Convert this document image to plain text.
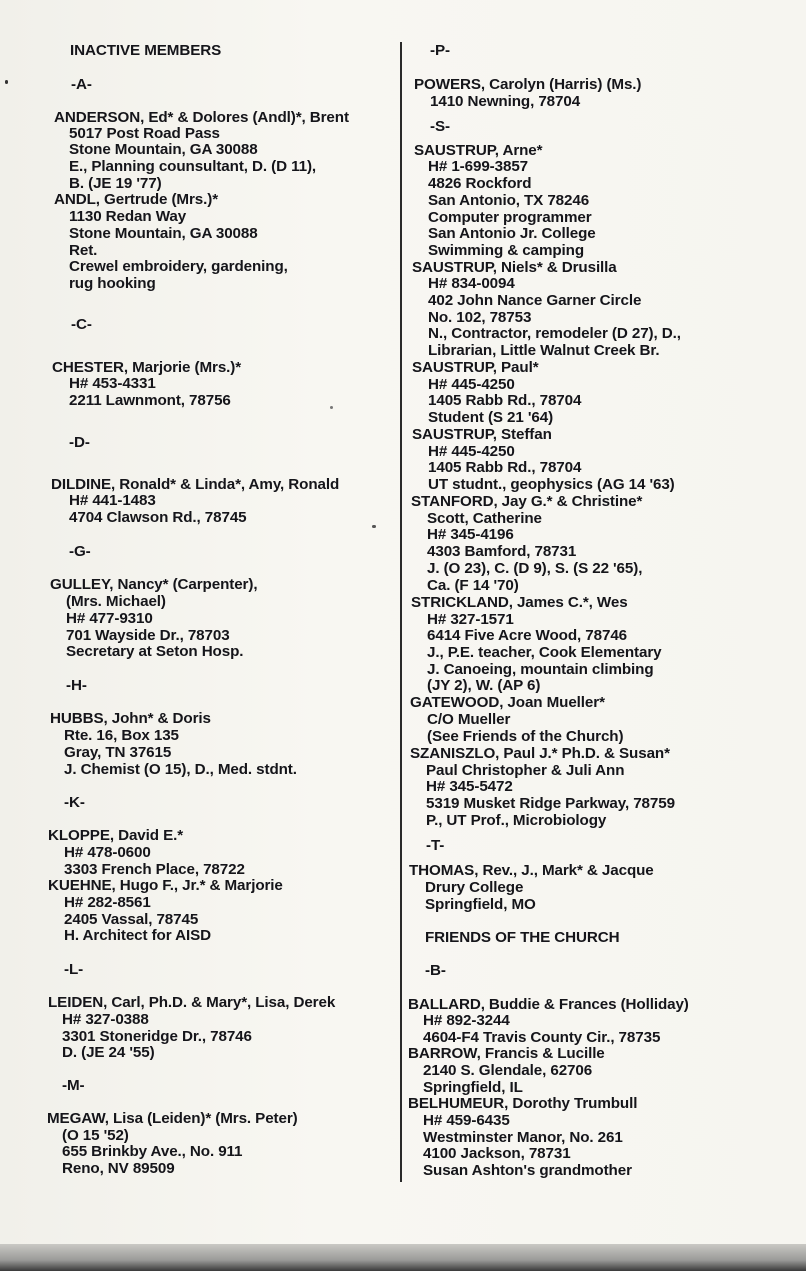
INACTIVE MEMBERS
-A-
ANDERSON, Ed* & Dolores (Andl)*, Brent
5017 Post Road Pass
Stone Mountain, GA 30088
E., Planning counsultant, D. (D 11),
B. (JE 19 '77)
ANDL, Gertrude (Mrs.)*
1130 Redan Way
Stone Mountain, GA 30088
Ret.
Crewel embroidery, gardening,
rug hooking
-C-
CHESTER, Marjorie (Mrs.)*
H# 453-4331
2211 Lawnmont, 78756
-D-
DILDINE, Ronald* & Linda*, Amy, Ronald
H# 441-1483
4704 Clawson Rd., 78745
-G-
GULLEY, Nancy* (Carpenter),
(Mrs. Michael)
H# 477-9310
701 Wayside Dr., 78703
Secretary at Seton Hosp.
-H-
HUBBS, John* & Doris
Rte. 16, Box 135
Gray, TN 37615
J. Chemist (O 15), D., Med. stdnt.
-K-
KLOPPE, David E.*
H# 478-0600
3303 French Place, 78722
KUEHNE, Hugo F., Jr.* & Marjorie
H# 282-8561
2405 Vassal, 78745
H. Architect for AISD
-L-
LEIDEN, Carl, Ph.D. & Mary*, Lisa, Derek
H# 327-0388
3301 Stoneridge Dr., 78746
D. (JE 24 '55)
-M-
MEGAW, Lisa (Leiden)* (Mrs. Peter)
(O 15 '52)
655 Brinkby Ave., No. 911
Reno, NV 89509
-P-
POWERS, Carolyn (Harris) (Ms.)
1410 Newning, 78704
-S-
SAUSTRUP, Arne*
H# 1-699-3857
4826 Rockford
San Antonio, TX 78246
Computer programmer
San Antonio Jr. College
Swimming & camping
SAUSTRUP, Niels* & Drusilla
H# 834-0094
402 John Nance Garner Circle
No. 102, 78753
N., Contractor, remodeler (D 27), D.,
Librarian, Little Walnut Creek Br.
SAUSTRUP, Paul*
H# 445-4250
1405 Rabb Rd., 78704
Student (S 21 '64)
SAUSTRUP, Steffan
H# 445-4250
1405 Rabb Rd., 78704
UT studnt., geophysics (AG 14 '63)
STANFORD, Jay G.* & Christine*
Scott, Catherine
H# 345-4196
4303 Bamford, 78731
J. (O 23), C. (D 9), S. (S 22 '65),
Ca. (F 14 '70)
STRICKLAND, James C.*, Wes
H# 327-1571
6414 Five Acre Wood, 78746
J., P.E. teacher, Cook Elementary
J. Canoeing, mountain climbing
(JY 2), W. (AP 6)
GATEWOOD, Joan Mueller*
C/O Mueller
(See Friends of the Church)
SZANISZLO, Paul J.* Ph.D. & Susan*
Paul Christopher & Juli Ann
H# 345-5472
5319 Musket Ridge Parkway, 78759
P., UT Prof., Microbiology
-T-
THOMAS, Rev., J., Mark* & Jacque
Drury College
Springfield, MO
FRIENDS OF THE CHURCH
-B-
BALLARD, Buddie & Frances (Holliday)
H# 892-3244
4604-F4 Travis County Cir., 78735
BARROW, Francis & Lucille
2140 S. Glendale, 62706
Springfield, IL
BELHUMEUR, Dorothy Trumbull
H# 459-6435
Westminster Manor, No. 261
4100 Jackson, 78731
Susan Ashton's grandmother
